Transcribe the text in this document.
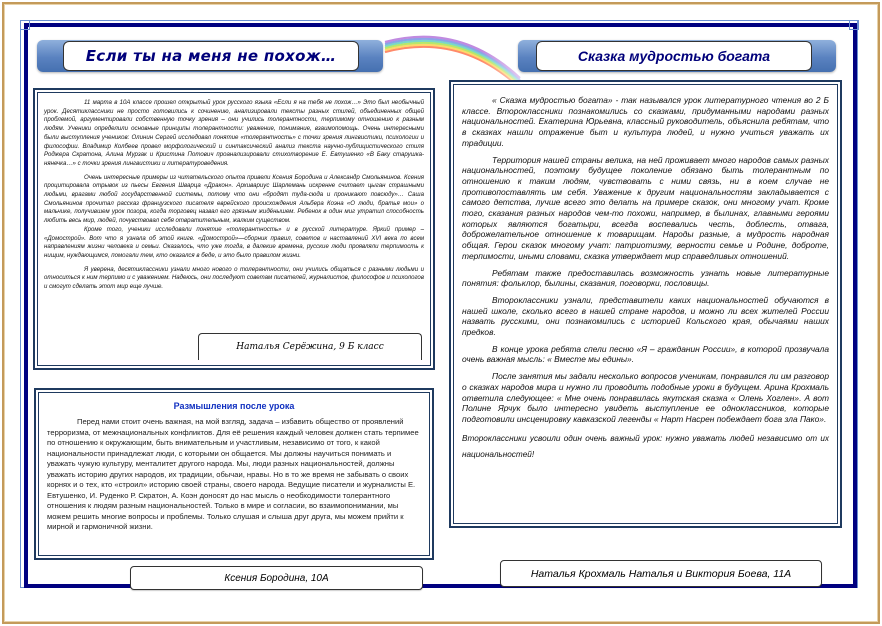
Если ты на меня не похож…	Сказка мудростью богата

11 марта в 10А классе прошел открытый урок русского языка «Если я на тебя не похож…» Это был необычный урок. Десятиклассники не просто готовились к сочинению, анализировали тексты разных стилей, объединенных общей проблемой, аргументировали собственную точку зрения – они учились толерантности, терпимому отношению к разным людям. Ученики определили основные принципы толерантности: уважение, понимание, взаимопомощь. Очень интересными были выступления учеников: Олинин Сергей исследовал понятие «толерантность» с точки зрения лингвистики, психологии и философии. Владимир Колбеев провел морфологический и синтаксический анализ текста научно-публицистического стиля Роджера Скратона, Алина Мурзак и Кристина Потович проанализировали стихотворение Е. Евтушенко «В Баку старушка-нянечка…» с точки зрения лингвистики и литературоведения.

Очень интересные примеры из читательского опыта привели Ксения Бородина и Александр Смольянинов. Ксения процитировала отрывок из пьесы Евгения Шварца «Дракон». Архивариус Шарлемань искренне считает цыган страшными людьми, врагами любой государственной системы, потому что они «бродят туда-сюда и проникают повсюду»… Саша Смольянинов прочитал рассказ французского писателя еврейского происхождения Альбера Коэна «О люди, братья мои» о мальчике, получившем урок позора, когда торговец назвал его грязным жидёнышем. Ребенок в один миг утратил способность любить весь мир, людей, почувствовал себя отвратительным, жалким существом.

Кроме того, ученики исследовали понятие «толерантность» и в русской литературе. Яркий пример – «Домострой». Вот что я узнала об этой книге. «Домострой»—сборник правил, советов и наставлений XVI века по всем направлениям жизни человека и семьи. Оказалось, что уже тогда, в далекие времена, русские люди проявляли терпимость к нищим, нуждающимся, помогали тем, кто оказался в беде, и это было правилом жизни.

Я уверена, десятиклассники узнали много нового о толерантности, они учились общаться с разными людьми и относиться к ним терпимо и с уважением. Надеюсь, они последуют советам писателей, журналистов, философов и психологов и смогут сделать этот мир еще лучше.

Наталья Серёжина, 9 Б класс
Размышления после урока

Перед нами стоит очень важная, на мой взгляд, задача – избавить общество от проявлений терроризма, от межнациональных конфликтов. Для её решения каждый человек должен стать терпимее по отношению к окружающим, быть внимательным и участливым, независимо от того, к какой национальности принадлежат люди, с которыми он общается. Мы должны научиться понимать и уважать чужую культуру, менталитет другого народа. Мы, люди разных национальностей, должны уважать историю других народов, их традиции, обычаи, нравы. Но в то же время не забывать о своих корнях и о тех, кто «строил» историю своей страны, своего народа. Ведущие писатели и журналисты Е. Евтушенко, И. Руденко Р. Скратон, А. Коэн доносят до нас мысль о необходимости толерантного отношения к людям разным национальностей. Только в мире и согласии, во взаимопонимании, мы можем решить многие вопросы и проблемы. Только слушая и слыша друг друга, мы можем прийти к мирной и гармоничной жизни.

Ксения Бородина, 10А

« Сказка мудростью богата» - так назывался урок литературного чтения во 2 Б классе. Второклассники познакомились со сказками, придуманными народами разных национальностей. Екатерина Юрьевна, классный руководитель, объяснила ребятам, что в сказках нашли отражение быт и культура людей, и нужно учиться уважать их традиции.

Территория нашей страны велика, на ней проживает много народов самых разных национальностей, поэтому будущее поколение обязано быть толерантным по отношению к таким людям, чувствовать с ними связь, ни в коем случае не противопоставлять им себя. Уважение к другим национальностям закладывается с самого детства, лучше всего это делать на примере сказок, они многому учат. Кроме того, сказания разных народов чем-то похожи, например, в былинах, главными героями которых являются богатыри, всегда воспевались честь, доблесть, отвага, доброжелательное отношение к товарищам. Народы разные, а мудрость народная общая. Герои сказок многому учат: патриотизму, верности семье и Родине, доброте, терпимости, иными словами, сказка утверждает мир справедливых отношений.

Ребятам также предоставилась возможность узнать новые литературные понятия: фольклор, былины, сказания, поговорки, пословицы.

Второклассники узнали, представители каких национальностей обучаются в нашей школе, сколько всего в нашей стране народов, и можно ли всех жителей России назвать русскими, они познакомились с историей Кольского края, обычаями наших предков.

В конце урока ребята спели песню «Я – гражданин России», в которой прозвучала очень важная мысль: « Вместе мы едины».

После занятия мы задали несколько вопросов ученикам, понравился ли им разговор о сказках народов мира и нужно ли проводить подобные уроки в будущем. Арина Крохмаль ответила следующее: « Мне очень понравилась якутская сказка « Олень Хоглен». А вот Полине Ярчук было интересно увидеть выступление ее одноклассников, которые подготовили инсценировку кавказской легенды « Нарт Насрен побеждает бога зла Пако».

Второклассники усвоили один очень важный урок: нужно уважать людей независимо от их национальностей!

Наталья Крохмаль Наталья и Виктория Боева, 11А
